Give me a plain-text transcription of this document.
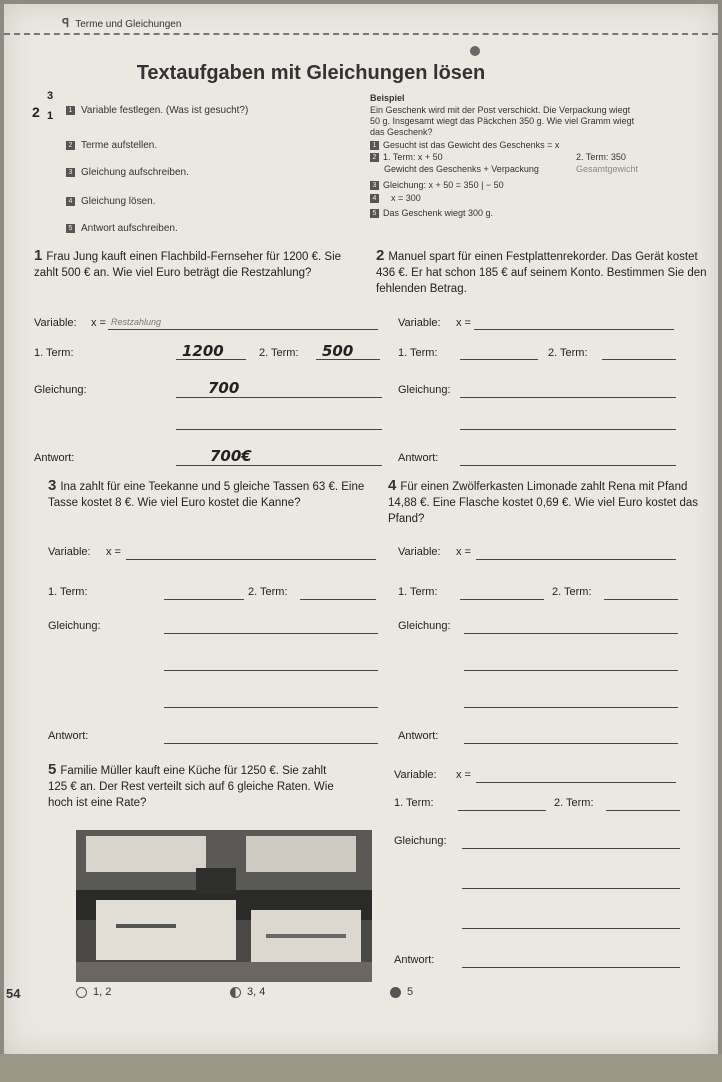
ꟼ Terme und Gleichungen
Textaufgaben mit Gleichungen lösen
2
3
1	1 Variable festlegen. (Was ist gesucht?)
2 Terme aufstellen.
3 Gleichung aufschreiben.
4 Gleichung lösen.
5 Antwort aufschreiben.
Beispiel
Ein Geschenk wird mit der Post verschickt. Die Verpackung wiegt
50 g. Insgesamt wiegt das Päckchen 350 g. Wie viel Gramm wiegt
das Geschenk?
1 Gesucht ist das Gewicht des Geschenks = x
2 1. Term: x + 50	2. Term: 350
Gewicht des Geschenks + Verpackung	Gesamtgewicht
3 Gleichung: x + 50 = 350 | − 50
4 x = 300
5 Das Geschenk wiegt 300 g.
1 Frau Jung kauft einen Flachbild-Fernseher für 1200 €. Sie zahlt 500 € an. Wie viel Euro beträgt die Restzahlung?
Variable: x = Restzahlung
1. Term:	1200	2. Term: 500
Gleichung:	700
Antwort:	700€
2 Manuel spart für einen Festplattenrekorder. Das Gerät kostet 436 €. Er hat schon 185 € auf seinem Konto. Bestimmen Sie den fehlenden Betrag.
Variable: x =
1. Term:	2. Term:
Gleichung:
Antwort:
3 Ina zahlt für eine Teekanne und 5 gleiche Tassen 63 €. Eine Tasse kostet 8 €. Wie viel Euro kostet die Kanne?
Variable: x =
1. Term:	2. Term:
Gleichung:
Antwort:
4 Für einen Zwölferkasten Limonade zahlt Rena mit Pfand 14,88 €. Eine Flasche kostet 0,69 €. Wie viel Euro kostet das Pfand?
Variable: x =
1. Term:	2. Term:
Gleichung:
Antwort:
5 Familie Müller kauft eine Küche für 1250 €. Sie zahlt 125 € an. Der Rest verteilt sich auf 6 gleiche Raten. Wie hoch ist eine Rate?
Variable: x =
1. Term:	2. Term:
Gleichung:
Antwort:
54	1, 2	3, 4	5
